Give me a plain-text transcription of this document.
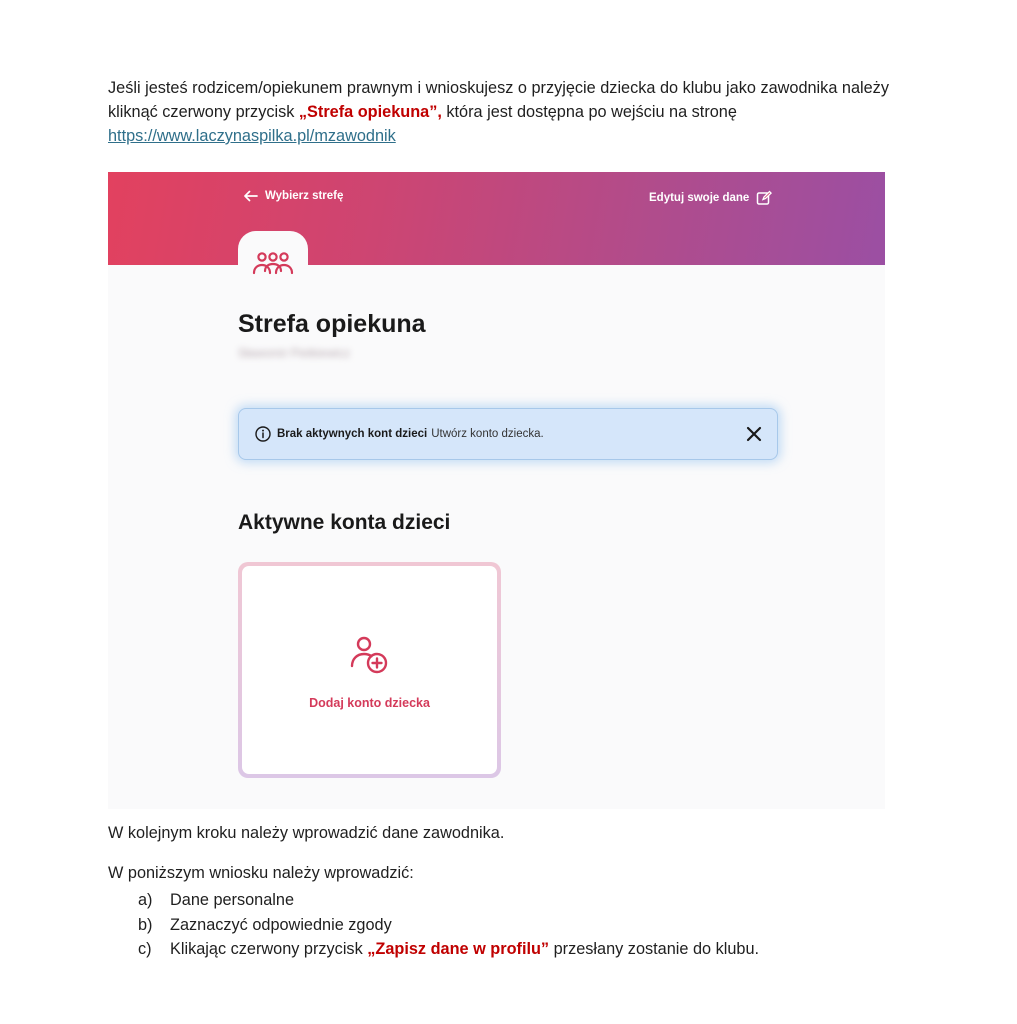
Jeśli jesteś rodzicem/opiekunem prawnym i wnioskujesz o przyjęcie dziecka do klubu jako zawodnika należy kliknąć czerwony przycisk „Strefa opiekuna”, która jest dostępna po wejściu na stronę https://www.laczynaspilka.pl/mzawodnik

Wybierz strefę	Edytuj swoje dane
Strefa opiekuna
Sławomir Pietkiewicz
Brak aktywnych kont dzieci Utwórz konto dziecka.
Aktywne konta dzieci
Dodaj konto dziecka
W kolejnym kroku należy wprowadzić dane zawodnika.
W poniższym wniosku należy wprowadzić:
a)	Dane personalne
b)	Zaznaczyć odpowiednie zgody
c)	Klikając czerwony przycisk „Zapisz dane w profilu” przesłany zostanie do klubu.
